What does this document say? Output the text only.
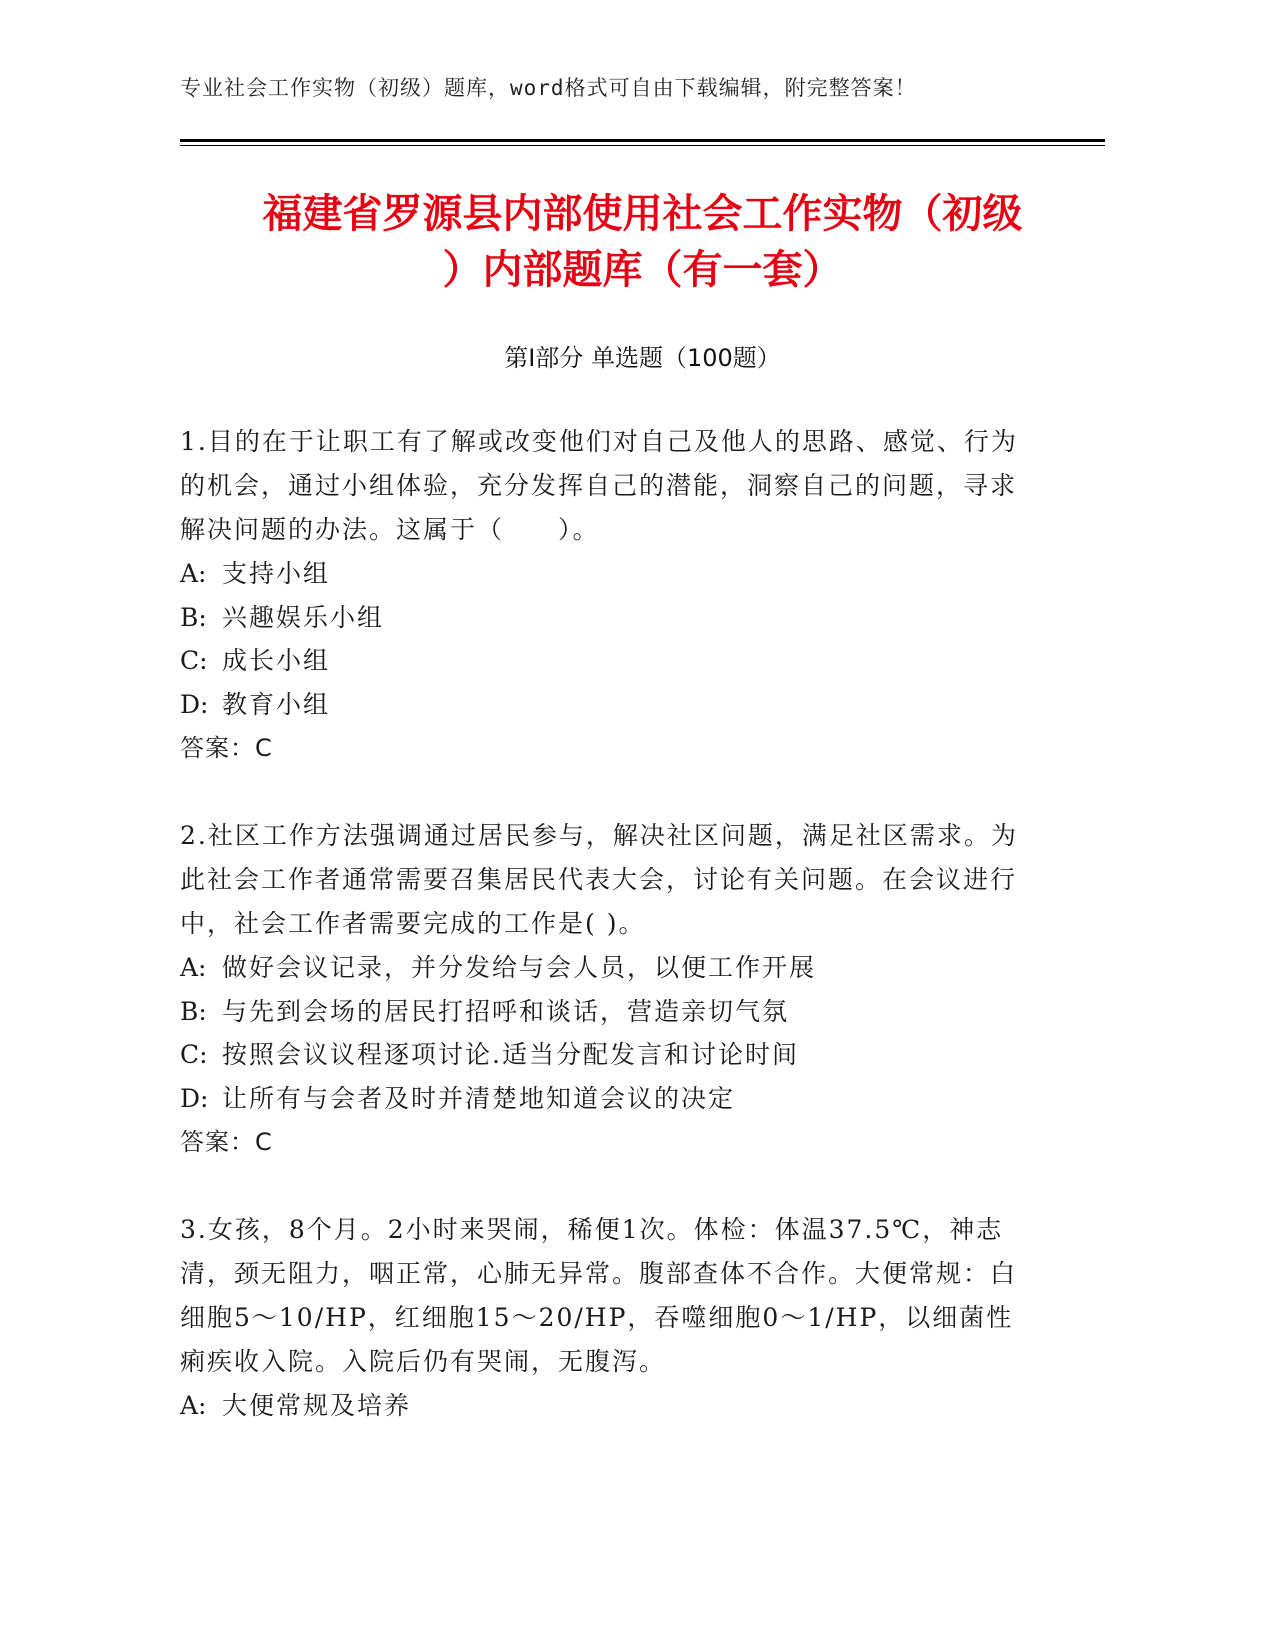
专业社会工作实物（初级）题库，word格式可自由下载编辑，附完整答案！
福建省罗源县内部使用社会工作实物（初级
）内部题库（有一套）
第Ⅰ部分 单选题（100题）

1.目的在于让职工有了解或改变他们对自己及他人的思路、感觉、行为的机会，通过小组体验，充分发挥自己的潜能，洞察自己的问题，寻求解决问题的办法。这属于（　　）。

A: 支持小组
B: 兴趣娱乐小组
C: 成长小组
D: 教育小组
答案：C

2.社区工作方法强调通过居民参与，解决社区问题，满足社区需求。为此社会工作者通常需要召集居民代表大会，讨论有关问题。在会议进行中，社会工作者需要完成的工作是( )。

A: 做好会议记录，并分发给与会人员，以便工作开展
B: 与先到会场的居民打招呼和谈话，营造亲切气氛
C: 按照会议议程逐项讨论.适当分配发言和讨论时间
D: 让所有与会者及时并清楚地知道会议的决定
答案：C

3.女孩，8个月。2小时来哭闹，稀便1次。体检：体温37.5℃，神志清，颈无阻力，咽正常，心肺无异常。腹部查体不合作。大便常规：白细胞5～10/HP，红细胞15～20/HP，吞噬细胞0～1/HP，以细菌性痢疾收入院。入院后仍有哭闹，无腹泻。

A: 大便常规及培养
